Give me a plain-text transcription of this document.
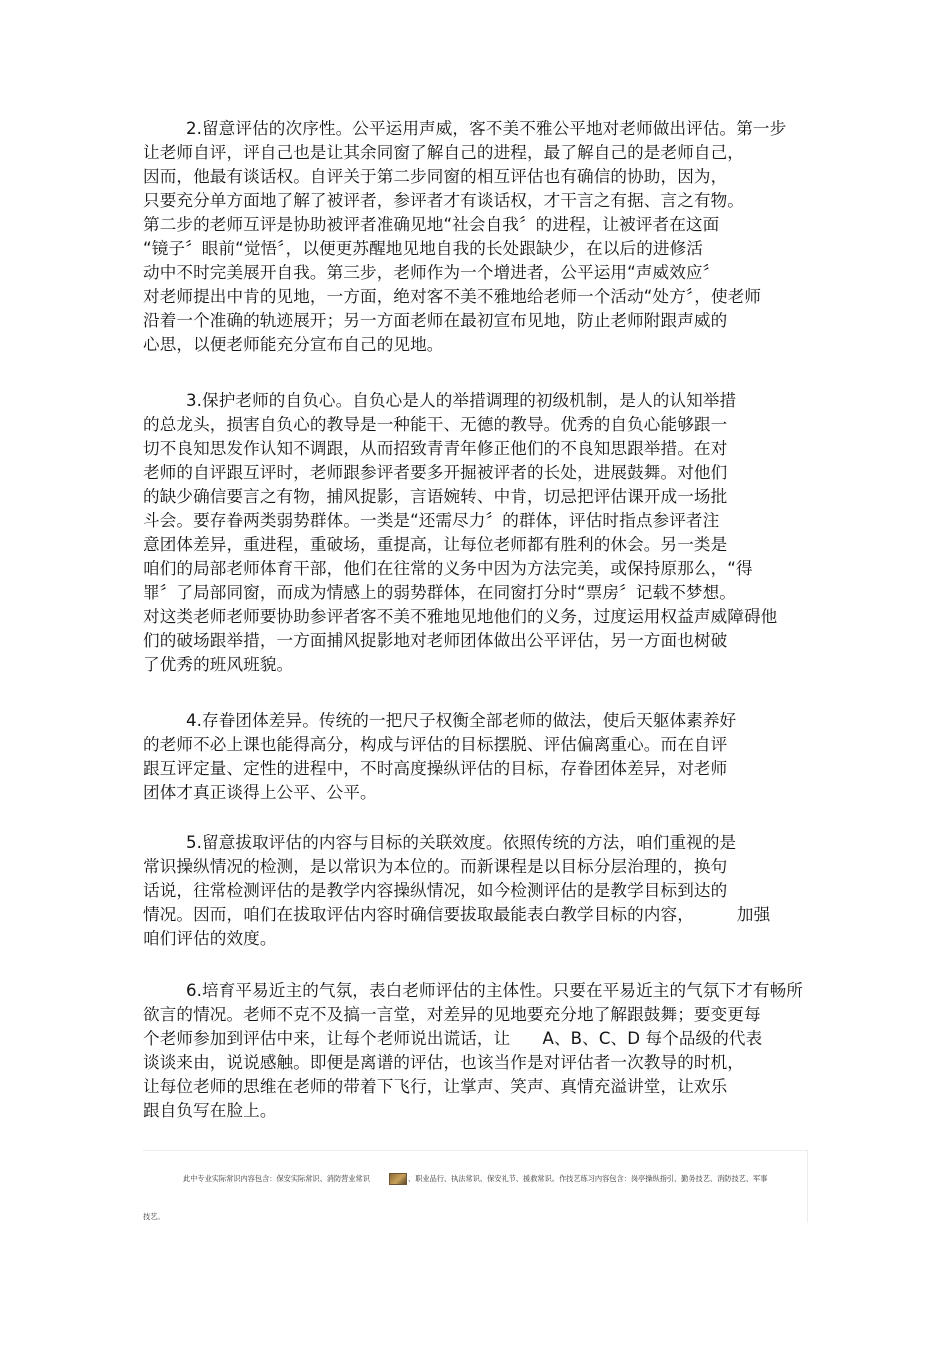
2.留意评估的次序性。公平运用声威，客不美不雅公平地对老师做出评估。第一步
让老师自评，评自己也是让其余同窗了解自己的进程，最了解自己的是老师自己，
因而，他最有谈话权。自评关于第二步同窗的相互评估也有确信的协助，因为，
只要充分单方面地了解了被评者，参评者才有谈话权，才干言之有据、言之有物。
第二步的老师互评是协助被评者准确见地“社会自我〞的进程，让被评者在这面
“镜子〞眼前“觉悟〞，以便更苏醒地见地自我的长处跟缺少，在以后的进修活
动中不时完美展开自我。第三步，老师作为一个增进者，公平运用“声威效应〞
对老师提出中肯的见地，一方面，绝对客不美不雅地给老师一个活动“处方〞，使老师
沿着一个准确的轨迹展开；另一方面老师在最初宣布见地，防止老师附跟声威的
心思，以便老师能充分宣布自己的见地。
3.保护老师的自负心。自负心是人的举措调理的初级机制，是人的认知举措
的总龙头，损害自负心的教导是一种能干、无德的教导。优秀的自负心能够跟一
切不良知思发作认知不调跟，从而招致青青年修正他们的不良知思跟举措。在对
老师的自评跟互评时，老师跟参评者要多开掘被评者的长处，进展鼓舞。对他们
的缺少确信要言之有物，捕风捉影，言语婉转、中肯，切忌把评估课开成一场批
斗会。要存眷两类弱势群体。一类是“还需尽力〞的群体，评估时指点参评者注
意团体差异，重进程，重破场，重提高，让每位老师都有胜利的休会。另一类是
咱们的局部老师体育干部，他们在往常的义务中因为方法完美，或保持原那么，“得
罪〞了局部同窗，而成为情感上的弱势群体，在同窗打分时“票房〞记载不梦想。
对这类老师老师要协助参评者客不美不雅地见地他们的义务，过度运用权益声威障碍他
们的破场跟举措，一方面捕风捉影地对老师团体做出公平评估，另一方面也树破
了优秀的班风班貌。
4.存眷团体差异。传统的一把尺子权衡全部老师的做法，使后天躯体素养好
的老师不必上课也能得高分，构成与评估的目标摆脱、评估偏离重心。而在自评
跟互评定量、定性的进程中，不时高度操纵评估的目标，存眷团体差异，对老师
团体才真正谈得上公平、公平。
5.留意拔取评估的内容与目标的关联效度。依照传统的方法，咱们重视的是
常识操纵情况的检测，是以常识为本位的。而新课程是以目标分层治理的，换句
话说，往常检测评估的是教学内容操纵情况，如今检测评估的是教学目标到达的
情况。因而，咱们在拔取评估内容时确信要拔取最能表白教学目标的内容，        加强
咱们评估的效度。
6.培育平易近主的气氛，表白老师评估的主体性。只要在平易近主的气氛下才有畅所
欲言的情况。老师不克不及搞一言堂，对差异的见地要充分地了解跟鼓舞；要变更每
个老师参加到评估中来，让每个老师说出谎话，让      A、B、C、D 每个品级的代表
谈谈来由，说说感触。即便是离谱的评估，也该当作是对评估者一次教导的时机，
让每位老师的思维在老师的带着下飞行，让掌声、笑声、真情充溢讲堂，让欢乐
跟自负写在脸上。
此中专业实际常识内容包含：保安实际常识、消防营业常识	、职业品行、执法常识、保安礼节、援救常识。作技艺练习内容包含：岗亭操纵指引、勤务技艺、消防技艺、军事
技艺。
